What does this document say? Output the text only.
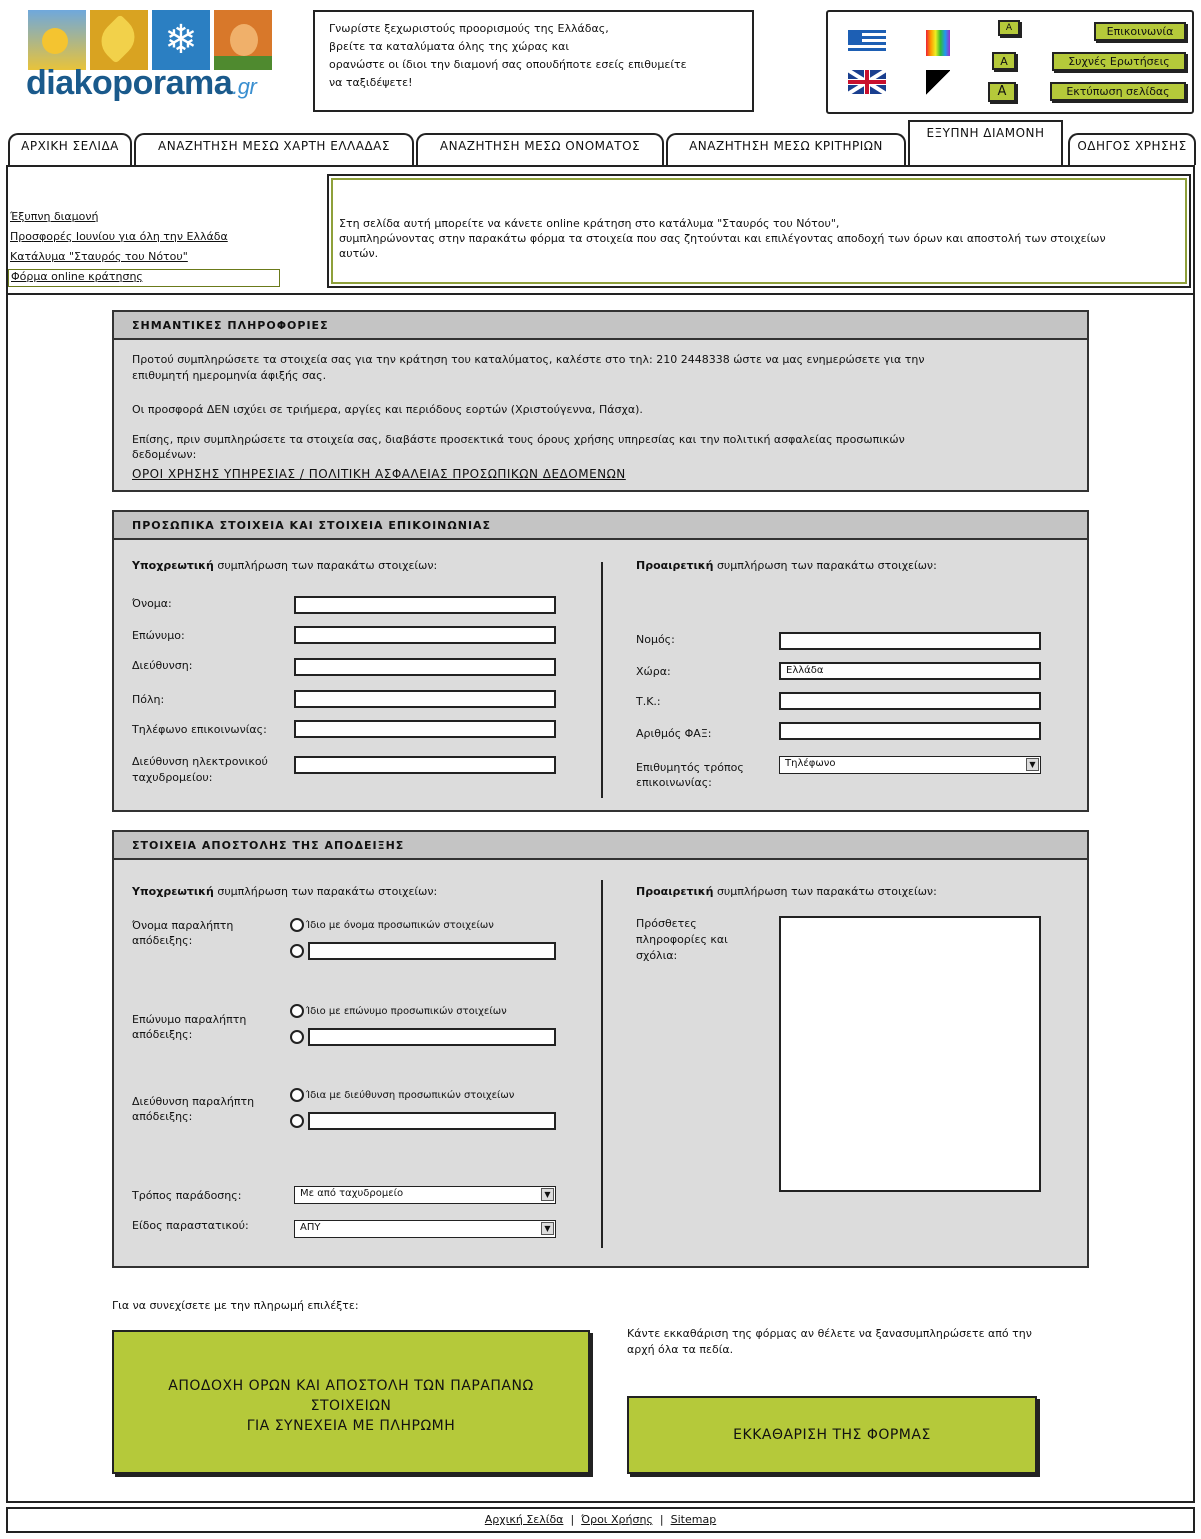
❄
diakoporama.gr
Γνωρίστε ξεχωριστούς προορισμούς της Ελλάδας,
βρείτε τα καταλύματα όλης της χώρας και
ορανώστε οι ίδιοι την διαμονή σας οπουδήποτε εσείς επιθυμείτε
να ταξιδέψετε!
A
A
A
Επικοινωνία
Συχνές Ερωτήσεις
Εκτύπωση σελίδας
ΑΡΧΙΚΗ ΣΕΛΙΔΑ	ΑΝΑΖΗΤΗΣΗ ΜΕΣΩ ΧΑΡΤΗ ΕΛΛΑΔΑΣ	ΑΝΑΖΗΤΗΣΗ ΜΕΣΩ ΟΝΟΜΑΤΟΣ	ΑΝΑΖΗΤΗΣΗ ΜΕΣΩ ΚΡΙΤΗΡΙΩΝ
ΕΞΥΠΝΗ ΔΙΑΜΟΝΗ
ΟΔΗΓΟΣ ΧΡΗΣΗΣ
Έξυπνη διαμονή
Προσφορές Ιουνίου για όλη την Ελλάδα
Κατάλυμα "Σταυρός του Νότου"
Φόρμα online κράτησης
Στη σελίδα αυτή μπορείτε να κάνετε online κράτηση στο κατάλυμα "Σταυρός του Νότου",
συμπληρώνοντας στην παρακάτω φόρμα τα στοιχεία που σας ζητούνται και επιλέγοντας αποδοχή των όρων και αποστολή των στοιχείων
αυτών.
ΣΗΜΑΝΤΙΚΕΣ ΠΛΗΡΟΦΟΡΙΕΣ
Προτού συμπληρώσετε τα στοιχεία σας για την κράτηση του καταλύματος, καλέστε στο τηλ: 210 2448338 ώστε να μας ενημερώσετε για την
επιθυμητή ημερομηνία άφιξής σας.
Οι προσφορά ΔΕΝ ισχύει σε τριήμερα, αργίες και περιόδους εορτών (Χριστούγεννα, Πάσχα).
Επίσης, πριν συμπληρώσετε τα στοιχεία σας, διαβάστε προσεκτικά τους όρους χρήσης υπηρεσίας και την πολιτική ασφαλείας προσωπικών
δεδομένων:
ΟΡΟΙ ΧΡΗΣΗΣ ΥΠΗΡΕΣΙΑΣ / ΠΟΛΙΤΙΚΗ ΑΣΦΑΛΕΙΑΣ ΠΡΟΣΩΠΙΚΩΝ ΔΕΔΟΜΕΝΩΝ
ΠΡΟΣΩΠΙΚΑ ΣΤΟΙΧΕΙΑ ΚΑΙ ΣΤΟΙΧΕΙΑ ΕΠΙΚΟΙΝΩΝΙΑΣ
Υποχρεωτική συμπλήρωση των παρακάτω στοιχείων:	Προαιρετική συμπλήρωση των παρακάτω στοιχείων:
Όνομα:
Επώνυμο:
Διεύθυνση:
Πόλη:
Τηλέφωνο επικοινωνίας:
Διεύθυνση ηλεκτρονικού
ταχυδρομείου:
Νομός:
Χώρα:	Ελλάδα
Τ.Κ.:
Αριθμός ΦΑΞ:
Επιθυμητός τρόπος
επικοινωνίας:
Τηλέφωνο	▼
ΣΤΟΙΧΕΙΑ ΑΠΟΣΤΟΛΗΣ ΤΗΣ ΑΠΟΔΕΙΞΗΣ
Υποχρεωτική συμπλήρωση των παρακάτω στοιχείων:	Προαιρετική συμπλήρωση των παρακάτω στοιχείων:
Όνομα παραλήπτη
απόδειξης:
Ίδιο με όνομα προσωπικών στοιχείων
Επώνυμο παραλήπτη
απόδειξης:
Ίδιο με επώνυμο προσωπικών στοιχείων
Διεύθυνση παραλήπτη
απόδειξης:
Ίδια με διεύθυνση προσωπικών στοιχείων
Τρόπος παράδοσης:	Με από ταχυδρομείο	▼
Είδος παραστατικού:	ΑΠΥ	▼
Πρόσθετες
πληροφορίες και
σχόλια:
Για να συνεχίσετε με την πληρωμή επιλέξτε:
ΑΠΟΔΟΧΗ ΟΡΩΝ ΚΑΙ ΑΠΟΣΤΟΛΗ ΤΩΝ ΠΑΡΑΠΑΝΩ
ΣΤΟΙΧΕΙΩΝ
ΓΙΑ ΣΥΝΕΧΕΙΑ ΜΕ ΠΛΗΡΩΜΗ
Κάντε εκκαθάριση της φόρμας αν θέλετε να ξανασυμπληρώσετε από την
αρχή όλα τα πεδία.
ΕΚΚΑΘΑΡΙΣΗ ΤΗΣ ΦΟΡΜΑΣ
Αρχική Σελίδα | Όροι Χρήσης | Sitemap
